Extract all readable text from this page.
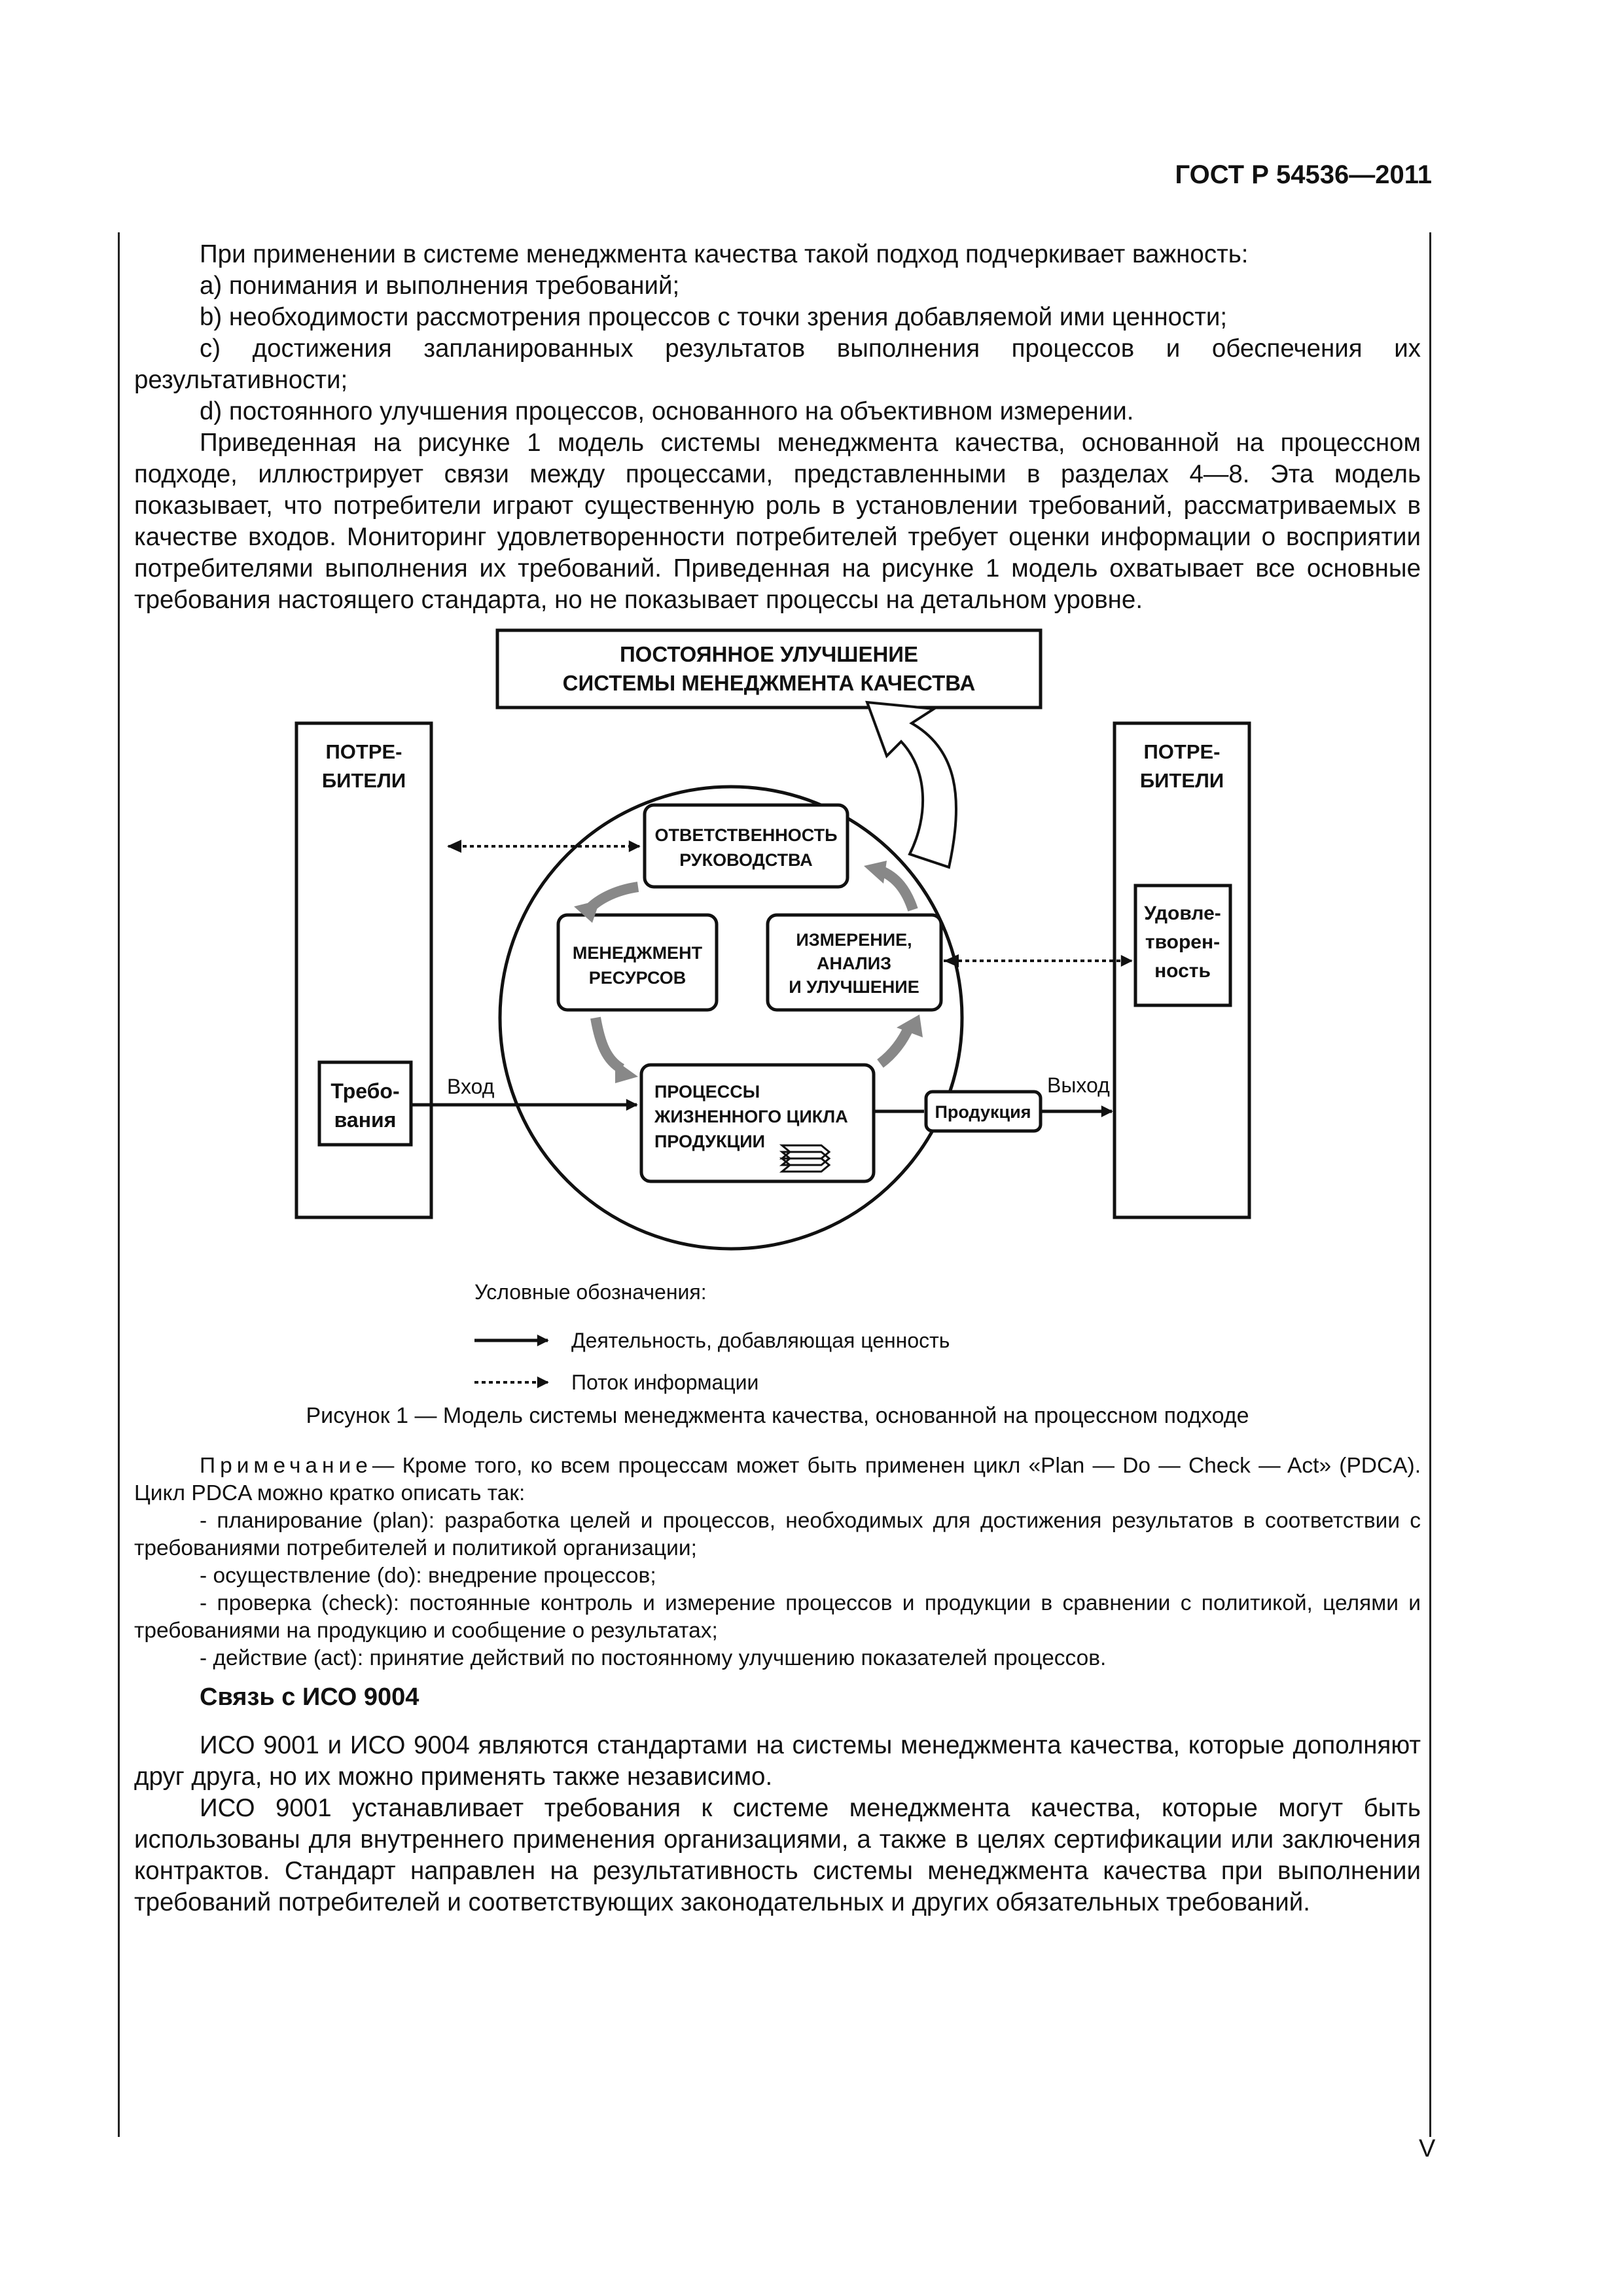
ГОСТ Р 54536—2011

При применении в системе менеджмента качества такой подход подчеркивает важность:

a) понимания и выполнения требований;

b) необходимости рассмотрения процессов с точки зрения добавляемой ими ценности;

c) достижения запланированных результатов выполнения процессов и обеспечения их результативности;

d) постоянного улучшения процессов, основанного на объективном измерении.

Приведенная на рисунке 1 модель системы менеджмента качества, основанной на процессном подходе, иллюстрирует связи между процессами, представленными в разделах 4—8. Эта модель показывает, что потребители играют существенную роль в установлении требований, рассматриваемых в качестве входов. Мониторинг удовлетворенности потребителей требует оценки информации о восприятии потребителями выполнения их требований. Приведенная на рисунке 1 модель охватывает все основные требования настоящего стандарта, но не показывает процессы на детальном уровне.

ПОСТОЯННОЕ УЛУЧШЕНИЕ
СИСТЕМЫ МЕНЕДЖМЕНТА КАЧЕСТВА
ПОТРЕ-
БИТЕЛИ
Требо-
вания
ПОТРЕ-
БИТЕЛИ
Удовле-
творен-
ность
ОТВЕТСТВЕННОСТЬ
РУКОВОДСТВА
МЕНЕДЖМЕНТ
РЕСУРСОВ
ИЗМЕРЕНИЕ,
АНАЛИЗ
И УЛУЧШЕНИЕ
ПРОЦЕССЫ
ЖИЗНЕННОГО ЦИКЛА
ПРОДУКЦИИ
Продукция
Вход	Выход
Условные обозначения:
Деятельность, добавляющая ценность
Поток информации
Рисунок 1 — Модель системы менеджмента качества, основанной на процессном подходе

Примечание— Кроме того, ко всем процессам может быть применен цикл «Plan — Do — Check — Act» (PDCA). Цикл PDCA можно кратко описать так:

- планирование (plan): разработка целей и процессов, необходимых для достижения результатов в соответствии с требованиями потребителей и политикой организации;

- осуществление (do): внедрение процессов;

- проверка (check): постоянные контроль и измерение процессов и продукции в сравнении с политикой, целями и требованиями на продукцию и сообщение о результатах;

- действие (act): принятие действий по постоянному улучшению показателей процессов.

Связь с ИСО 9004

ИСО 9001 и ИСО 9004 являются стандартами на системы менеджмента качества, которые дополняют друг друга, но их можно применять также независимо.

ИСО 9001 устанавливает требования к системе менеджмента качества, которые могут быть использованы для внутреннего применения организациями, а также в целях сертификации или заключения контрактов. Стандарт направлен на результативность системы менеджмента качества при выполнении требований потребителей и соответствующих законодательных и других обязательных требований.

V
